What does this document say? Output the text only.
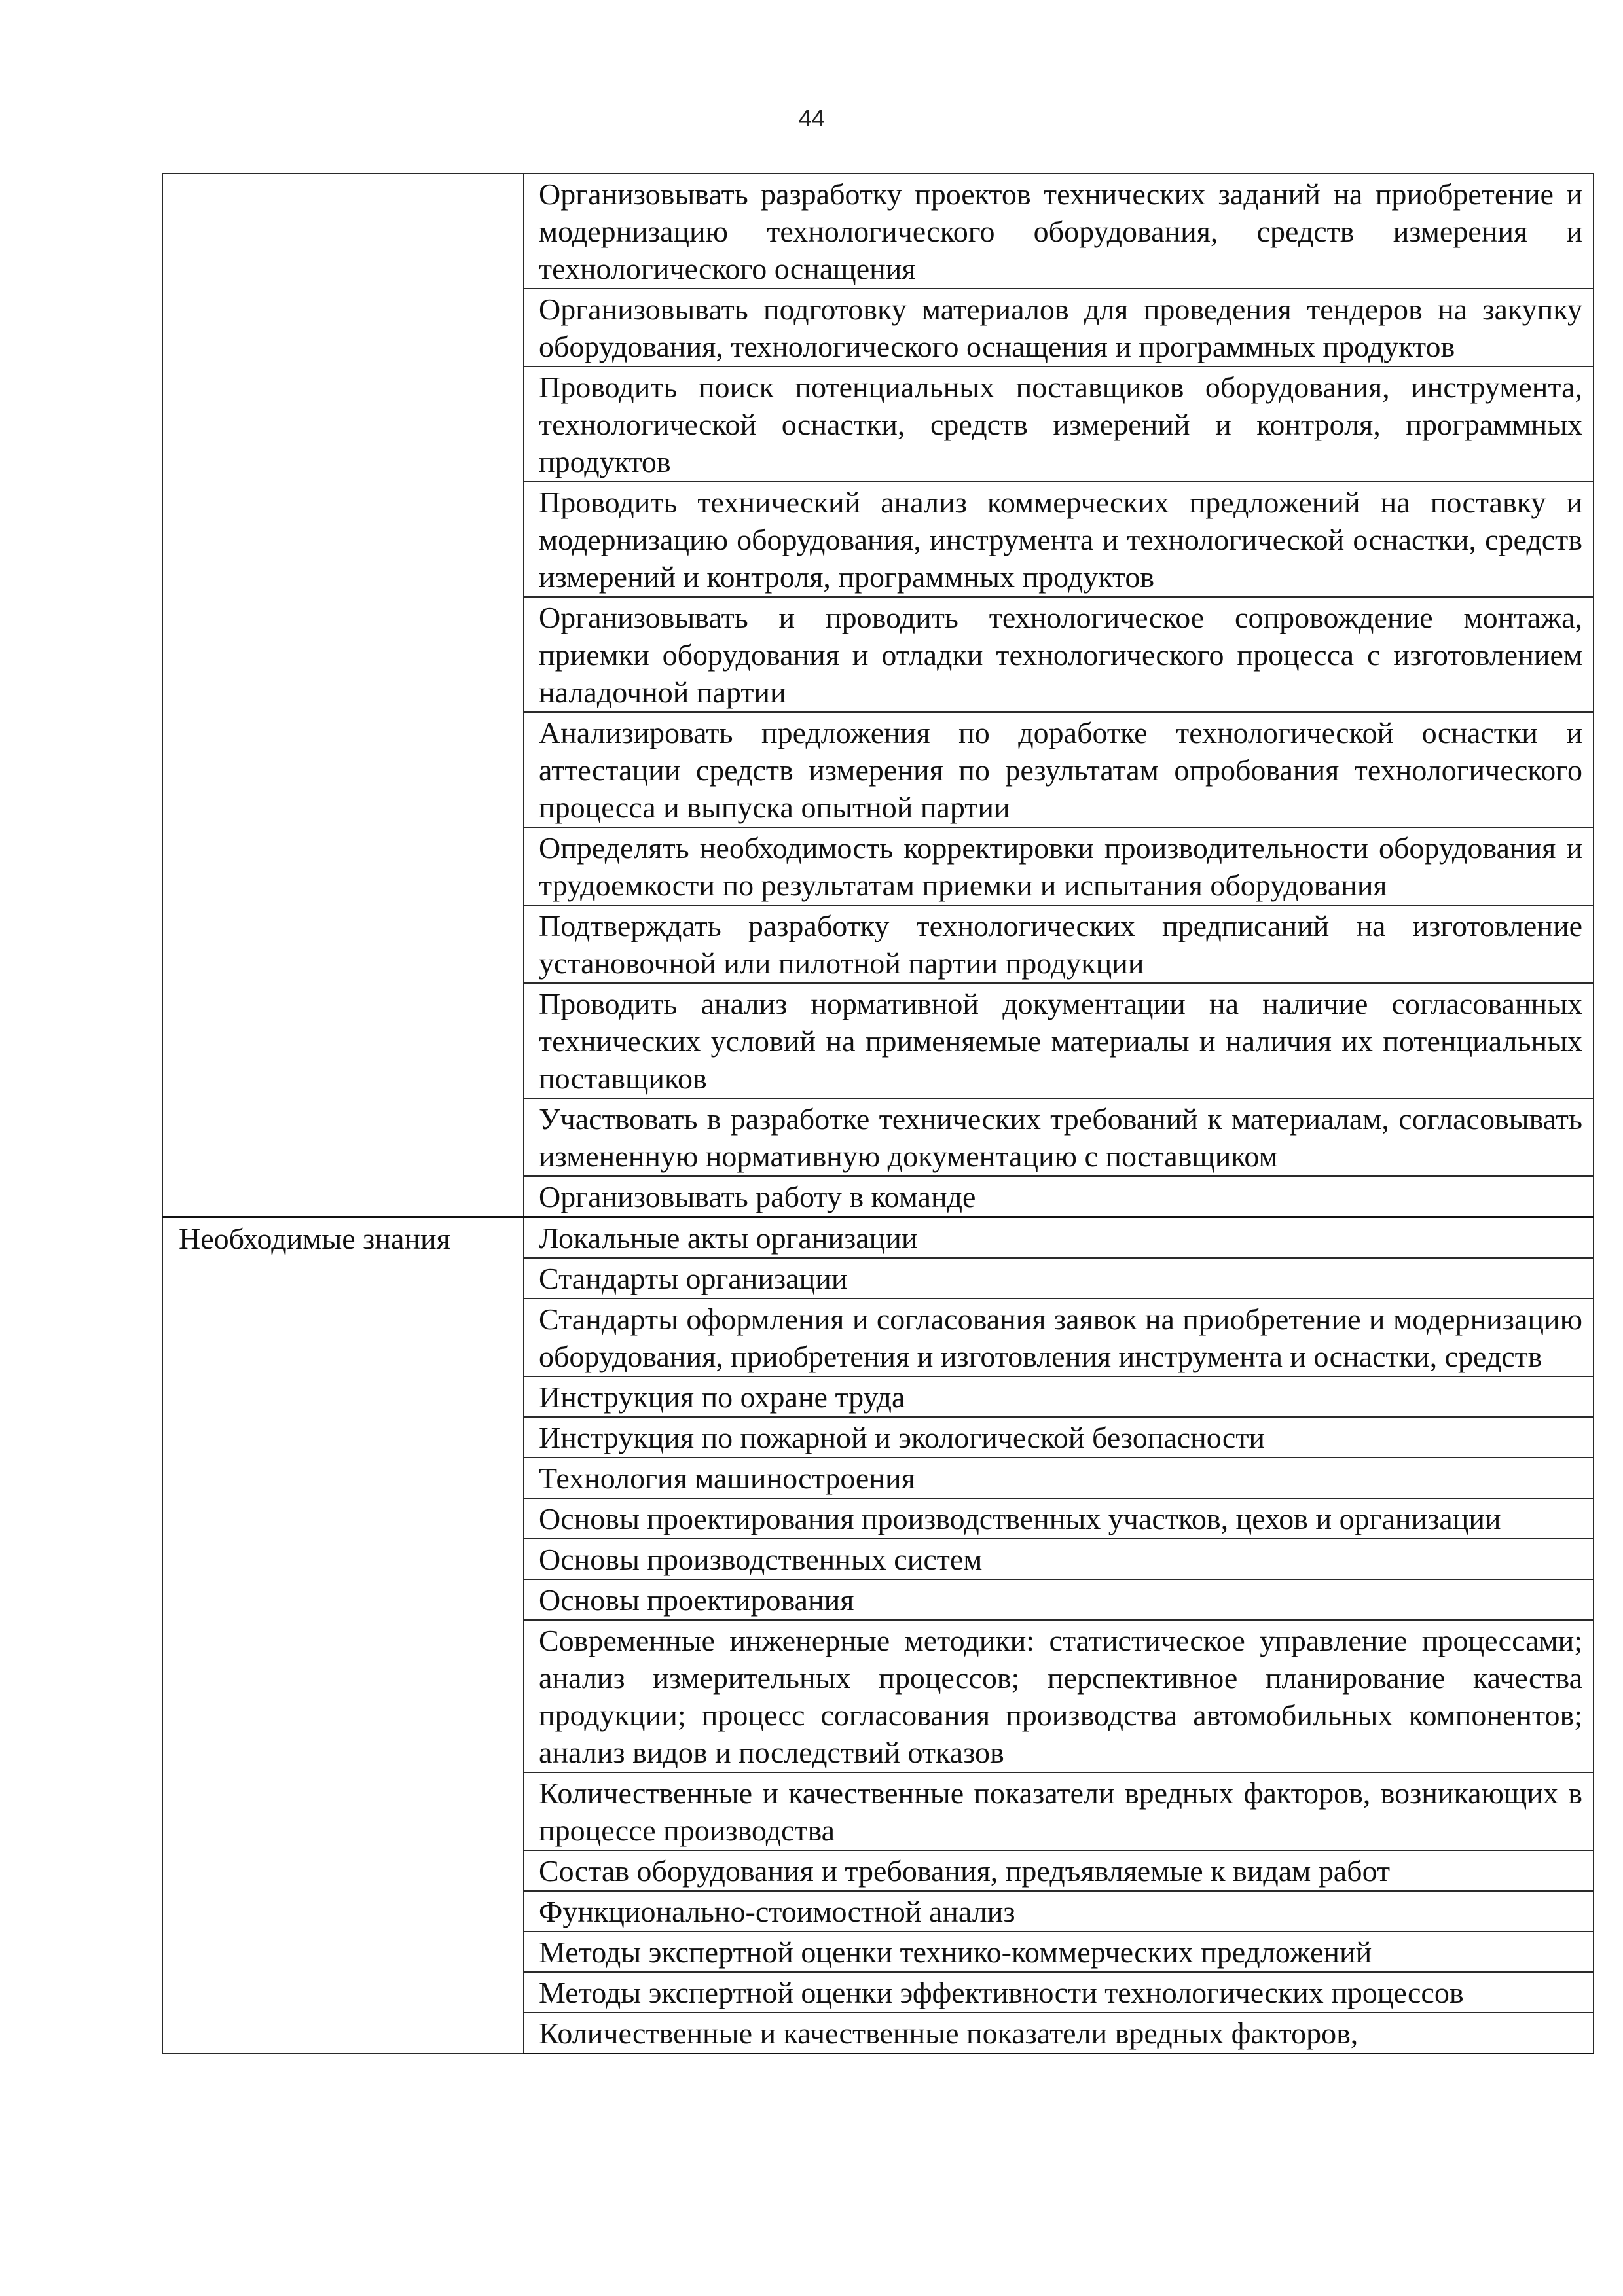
44
	Организовывать разработку проектов технических заданий на приобретение и модернизацию технологического оборудования, средств измерения и технологического оснащения
	Организовывать подготовку материалов для проведения тендеров на закупку оборудования, технологического оснащения и программных продуктов
	Проводить поиск потенциальных поставщиков оборудования, инструмента, технологической оснастки, средств измерений и контроля, программных продуктов
	Проводить технический анализ коммерческих предложений на поставку и модернизацию оборудования, инструмента и технологической оснастки, средств измерений и контроля, программных продуктов
	Организовывать и проводить технологическое сопровождение монтажа, приемки оборудования и отладки технологического процесса с изготовлением наладочной партии
	Анализировать предложения по доработке технологической оснастки и аттестации средств измерения по результатам опробования технологического процесса и выпуска опытной партии
	Определять необходимость корректировки производительности оборудования и трудоемкости по результатам приемки и испытания оборудования
	Подтверждать разработку технологических предписаний на изготовление установочной или пилотной партии продукции
	Проводить анализ нормативной документации на наличие согласованных технических условий на применяемые материалы и наличия их потенциальных поставщиков
	Участвовать в разработке технических требований к материалам, согласовывать измененную нормативную документацию с поставщиком
	Организовывать работу в команде
Необходимые знания	Локальные акты организации
	Стандарты организации
	Стандарты оформления и согласования заявок на приобретение и модернизацию оборудования, приобретения и изготовления инструмента и оснастки, средств
	Инструкция по охране труда
	Инструкция по пожарной и экологической безопасности
	Технология машиностроения
	Основы проектирования производственных участков, цехов и организации
	Основы производственных систем
	Основы проектирования
	Современные инженерные методики: статистическое управление процессами; анализ измерительных процессов; перспективное планирование качества продукции; процесс согласования производства автомобильных компонентов; анализ видов и последствий отказов
	Количественные и качественные показатели вредных факторов, возникающих в процессе производства
	Состав оборудования и требования, предъявляемые к видам работ
	Функционально-стоимостной анализ
	Методы экспертной оценки технико-коммерческих предложений
	Методы экспертной оценки эффективности технологических процессов
	Количественные и качественные показатели вредных факторов,
